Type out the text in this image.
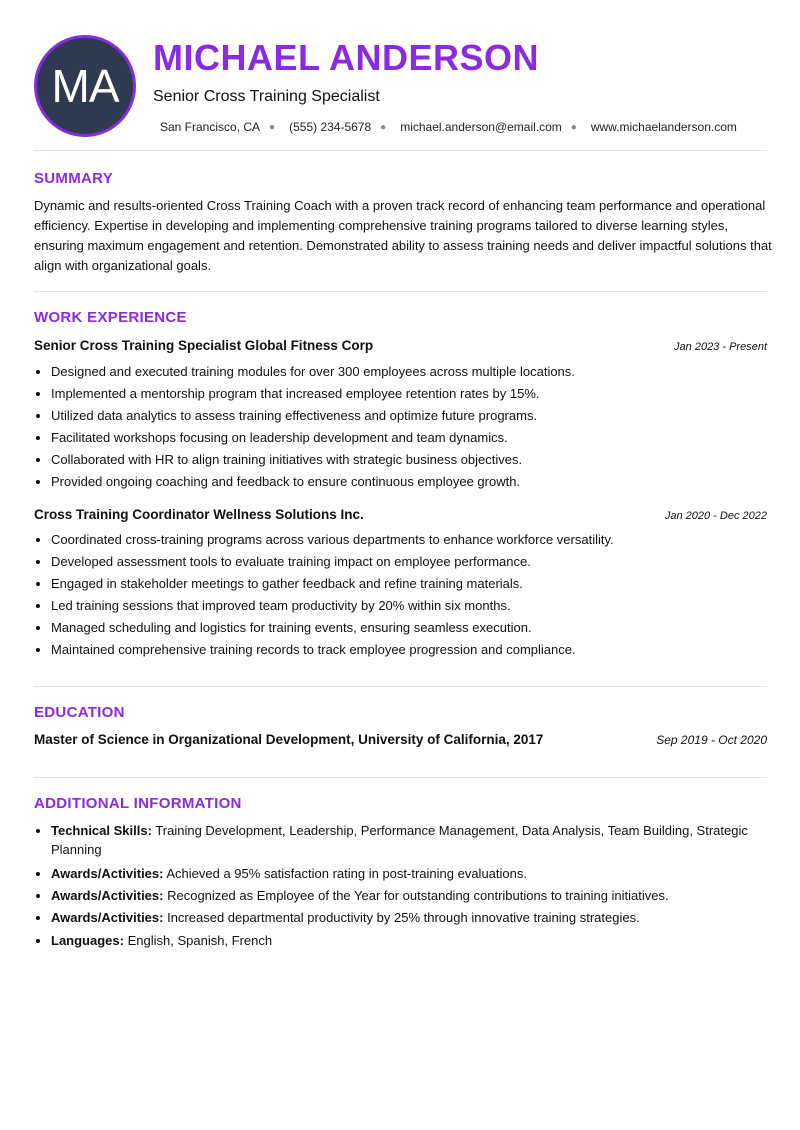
MA
MICHAEL ANDERSON
Senior Cross Training Specialist
San Francisco, CA ● (555) 234-5678 ● michael.anderson@email.com ● www.michaelanderson.com
SUMMARY

Dynamic and results-oriented Cross Training Coach with a proven track record of enhancing team performance and operational efficiency. Expertise in developing and implementing comprehensive training programs tailored to diverse learning styles, ensuring maximum engagement and retention. Demonstrated ability to assess training needs and deliver impactful solutions that align with organizational goals.

WORK EXPERIENCE
Senior Cross Training Specialist Global Fitness Corp	Jan 2023 - Present
• Designed and executed training modules for over 300 employees across multiple locations.
• Implemented a mentorship program that increased employee retention rates by 15%.
• Utilized data analytics to assess training effectiveness and optimize future programs.
• Facilitated workshops focusing on leadership development and team dynamics.
• Collaborated with HR to align training initiatives with strategic business objectives.
• Provided ongoing coaching and feedback to ensure continuous employee growth.
Cross Training Coordinator Wellness Solutions Inc.	Jan 2020 - Dec 2022
• Coordinated cross-training programs across various departments to enhance workforce versatility.
• Developed assessment tools to evaluate training impact on employee performance.
• Engaged in stakeholder meetings to gather feedback and refine training materials.
• Led training sessions that improved team productivity by 20% within six months.
• Managed scheduling and logistics for training events, ensuring seamless execution.
• Maintained comprehensive training records to track employee progression and compliance.
EDUCATION
Master of Science in Organizational Development, University of California, 2017	Sep 2019 - Oct 2020
ADDITIONAL INFORMATION
• Technical Skills: Training Development, Leadership, Performance Management, Data Analysis, Team Building, Strategic Planning
• Awards/Activities: Achieved a 95% satisfaction rating in post-training evaluations.
• Awards/Activities: Recognized as Employee of the Year for outstanding contributions to training initiatives.
• Awards/Activities: Increased departmental productivity by 25% through innovative training strategies.
• Languages: English, Spanish, French
